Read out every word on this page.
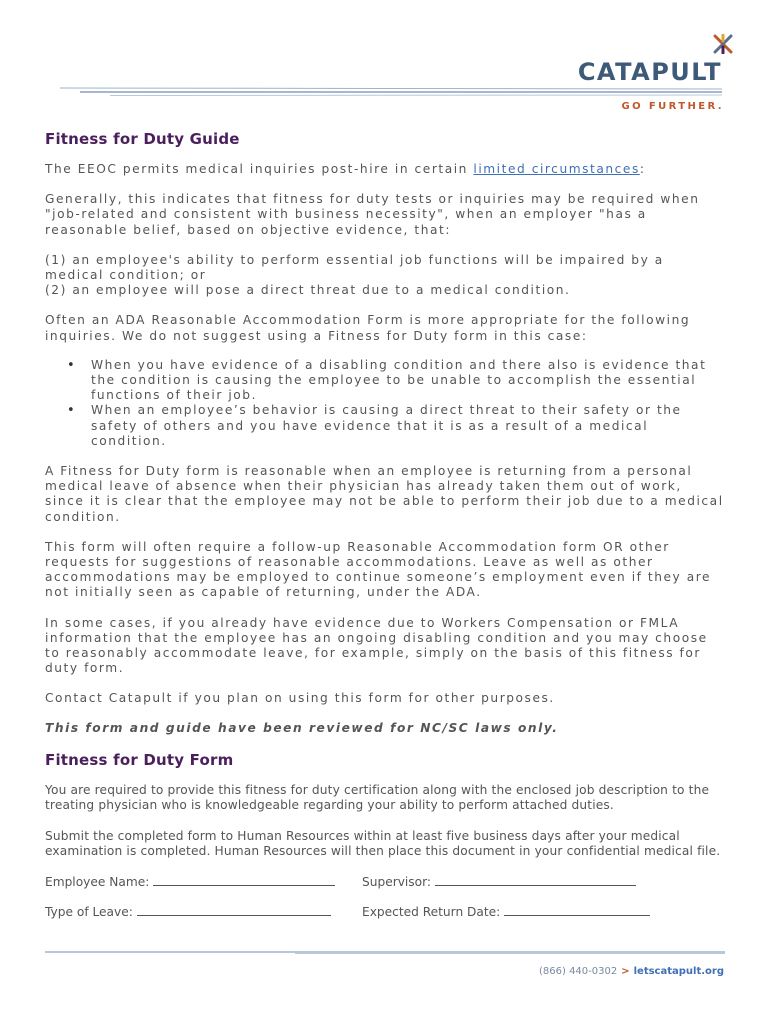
CATAPULT
GO FURTHER.
Fitness for Duty Guide

The EEOC permits medical inquiries post-hire in certain limited circumstances:

Generally, this indicates that fitness for duty tests or inquiries may be required when "job-related and consistent with business necessity", when an employer "has a reasonable belief, based on objective evidence, that:

(1) an employee's ability to perform essential job functions will be impaired by a medical condition; or

(2) an employee will pose a direct threat due to a medical condition.

Often an ADA Reasonable Accommodation Form is more appropriate for the following inquiries. We do not suggest using a Fitness for Duty form in this case:

• When you have evidence of a disabling condition and there also is evidence that the condition is causing the employee to be unable to accomplish the essential functions of their job.
• When an employee’s behavior is causing a direct threat to their safety or the safety of others and you have evidence that it is as a result of a medical condition.

A Fitness for Duty form is reasonable when an employee is returning from a personal medical leave of absence when their physician has already taken them out of work, since it is clear that the employee may not be able to perform their job due to a medical condition.

This form will often require a follow-up Reasonable Accommodation form OR other requests for suggestions of reasonable accommodations. Leave as well as other accommodations may be employed to continue someone’s employment even if they are not initially seen as capable of returning, under the ADA.

In some cases, if you already have evidence due to Workers Compensation or FMLA information that the employee has an ongoing disabling condition and you may choose to reasonably accommodate leave, for example, simply on the basis of this fitness for duty form.

Contact Catapult if you plan on using this form for other purposes.

This form and guide have been reviewed for NC/SC laws only.

Fitness for Duty Form

You are required to provide this fitness for duty certification along with the enclosed job description to the treating physician who is knowledgeable regarding your ability to perform attached duties.

Submit the completed form to Human Resources within at least five business days after your medical examination is completed. Human Resources will then place this document in your confidential medical file.

Employee Name:	Supervisor:
Type of Leave:	Expected Return Date:
(866) 440-0302 > letscatapult.org
